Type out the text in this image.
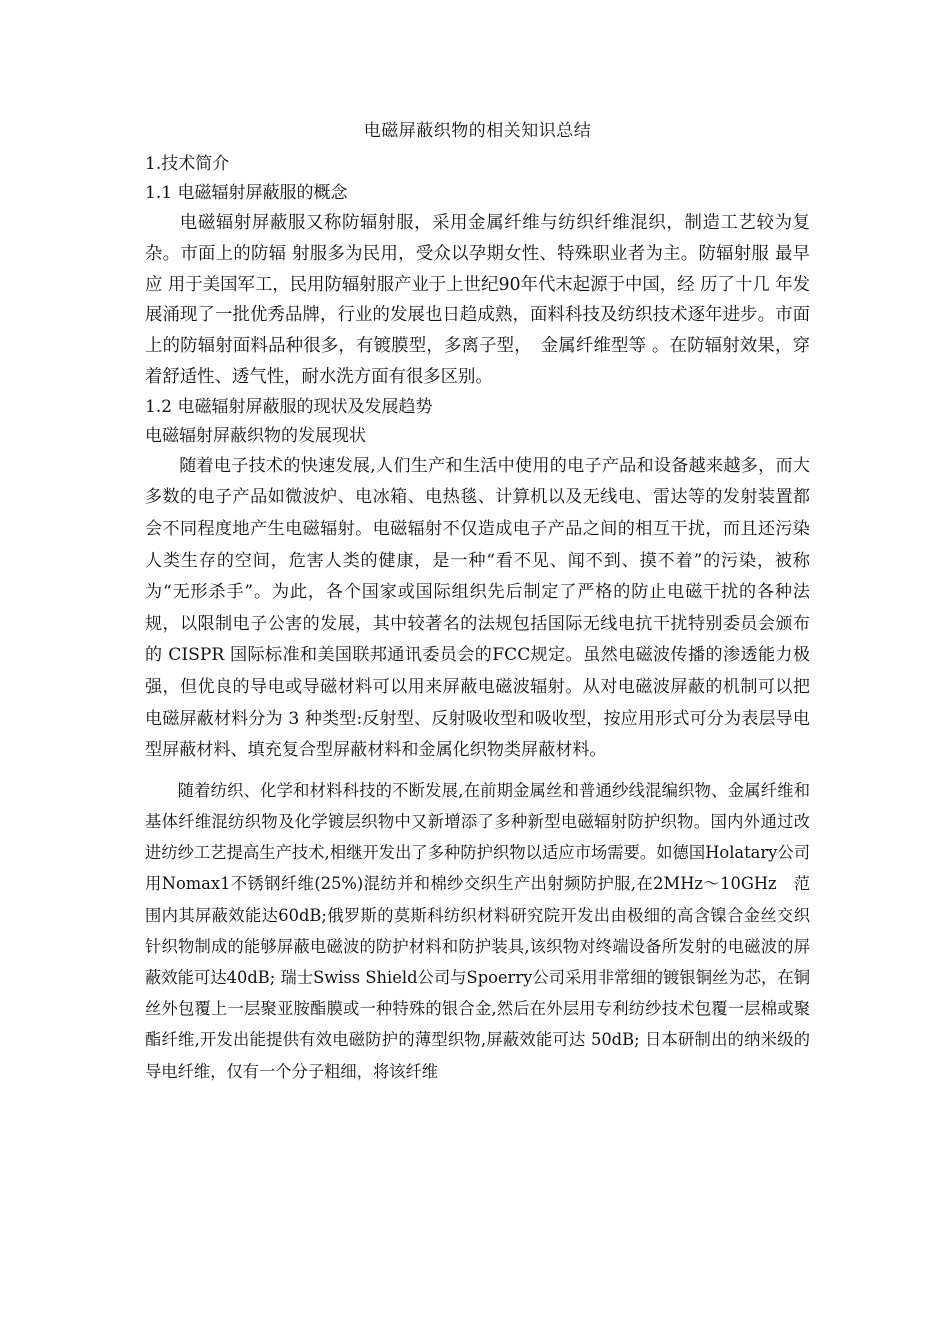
电磁屏蔽织物的相关知识总结
1.技术简介
1.1 电磁辐射屏蔽服的概念

电磁辐射屏蔽服又称防辐射服，采用金属纤维与纺织纤维混织，制造工艺较为复杂。市面上的防辐 射服多为民用，受众以孕期女性、特殊职业者为主。防辐射服 最早应 用于美国军工，民用防辐射服产业于上世纪90年代末起源于中国，经 历了十几 年发展涌现了一批优秀品牌，行业的发展也日趋成熟，面料科技及纺织技术逐年进步。市面上的防辐射面料品种很多，有镀膜型，多离子型，　金属纤维型等 。在防辐射效果，穿着舒适性、透气性，耐水洗方面有很多区别。

1.2 电磁辐射屏蔽服的现状及发展趋势
电磁辐射屏蔽织物的发展现状

随着电子技术的快速发展,人们生产和生活中使用的电子产品和设备越来越多，而大多数的电子产品如微波炉、电冰箱、电热毯、计算机以及无线电、雷达等的发射装置都会不同程度地产生电磁辐射。电磁辐射不仅造成电子产品之间的相互干扰，而且还污染人类生存的空间，危害人类的健康，是一种“看不见、闻不到、摸不着”的污染，被称为“无形杀手”。为此，各个国家或国际组织先后制定了严格的防止电磁干扰的各种法规，以限制电子公害的发展，其中较著名的法规包括国际无线电抗干扰特别委员会颁布的 CISPR 国际标准和美国联邦通讯委员会的FCC规定。虽然电磁波传播的渗透能力极强，但优良的导电或导磁材料可以用来屏蔽电磁波辐射。从对电磁波屏蔽的机制可以把电磁屏蔽材料分为 3 种类型:反射型、反射吸收型和吸收型，按应用形式可分为表层导电型屏蔽材料、填充复合型屏蔽材料和金属化织物类屏蔽材料。

随着纺织、化学和材料科技的不断发展,在前期金属丝和普通纱线混编织物、金属纤维和基体纤维混纺织物及化学镀层织物中又新增添了多种新型电磁辐射防护织物。国内外通过改进纺纱工艺提高生产技术,相继开发出了多种防护织物以适应市场需要。如德国Holatary公司用Nomax1不锈钢纤维(25%)混纺并和棉纱交织生产出射频防护服,在2MHz～10GHz　范围内其屏蔽效能达60dB;俄罗斯的莫斯科纺织材料研究院开发出由极细的高含镍合金丝交织针织物制成的能够屏蔽电磁波的防护材料和防护装具,该织物对终端设备所发射的电磁波的屏蔽效能可达40dB; 瑞士Swiss Shield公司与Spoerry公司采用非常细的镀银铜丝为芯，在铜丝外包覆上一层聚亚胺酯膜或一种特殊的银合金,然后在外层用专利纺纱技术包覆一层棉或聚酯纤维,开发出能提供有效电磁防护的薄型织物,屏蔽效能可达 50dB; 日本研制出的纳米级的导电纤维，仅有一个分子粗细，将该纤维
